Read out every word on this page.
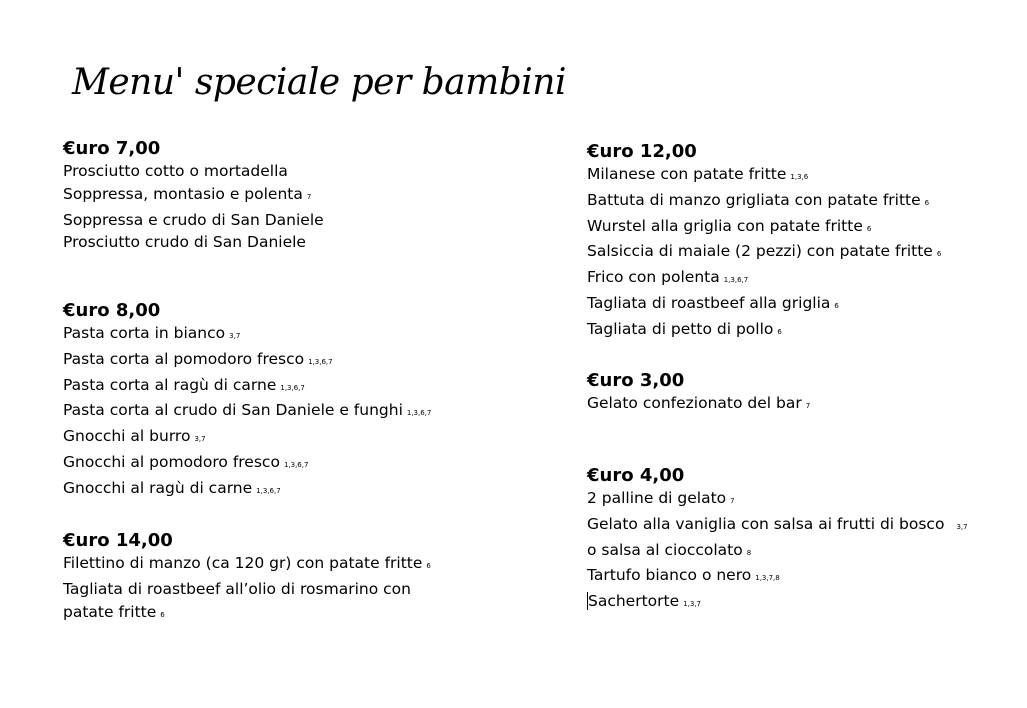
Menu' speciale per bambini
€uro 7,00
Prosciutto cotto o mortadella
Soppressa, montasio e polenta 7
Soppressa e crudo di San Daniele
Prosciutto crudo di San Daniele
€uro 8,00
Pasta corta in bianco 3,7
Pasta corta al pomodoro fresco 1,3,6,7
Pasta corta al ragù di carne 1,3,6,7
Pasta corta al crudo di San Daniele e funghi 1,3,6,7
Gnocchi al burro 3,7
Gnocchi al pomodoro fresco 1,3,6,7
Gnocchi al ragù di carne 1,3,6,7
€uro 14,00
Filettino di manzo (ca 120 gr) con patate fritte 6
Tagliata di roastbeef all’olio di rosmarino con patate fritte 6
€uro 12,00
Milanese con patate fritte 1,3,6
Battuta di manzo grigliata con patate fritte 6
Wurstel alla griglia con patate fritte 6
Salsiccia di maiale (2 pezzi) con patate fritte 6
Frico con polenta 1,3,6,7
Tagliata di roastbeef alla griglia 6
Tagliata di petto di pollo 6
€uro 3,00
Gelato confezionato del bar 7
€uro 4,00
2 palline di gelato 7
Gelato alla vaniglia con salsa ai frutti di bosco 3,7
o salsa al cioccolato 8
Tartufo bianco o nero 1,3,7,8
Sachertorte 1,3,7
